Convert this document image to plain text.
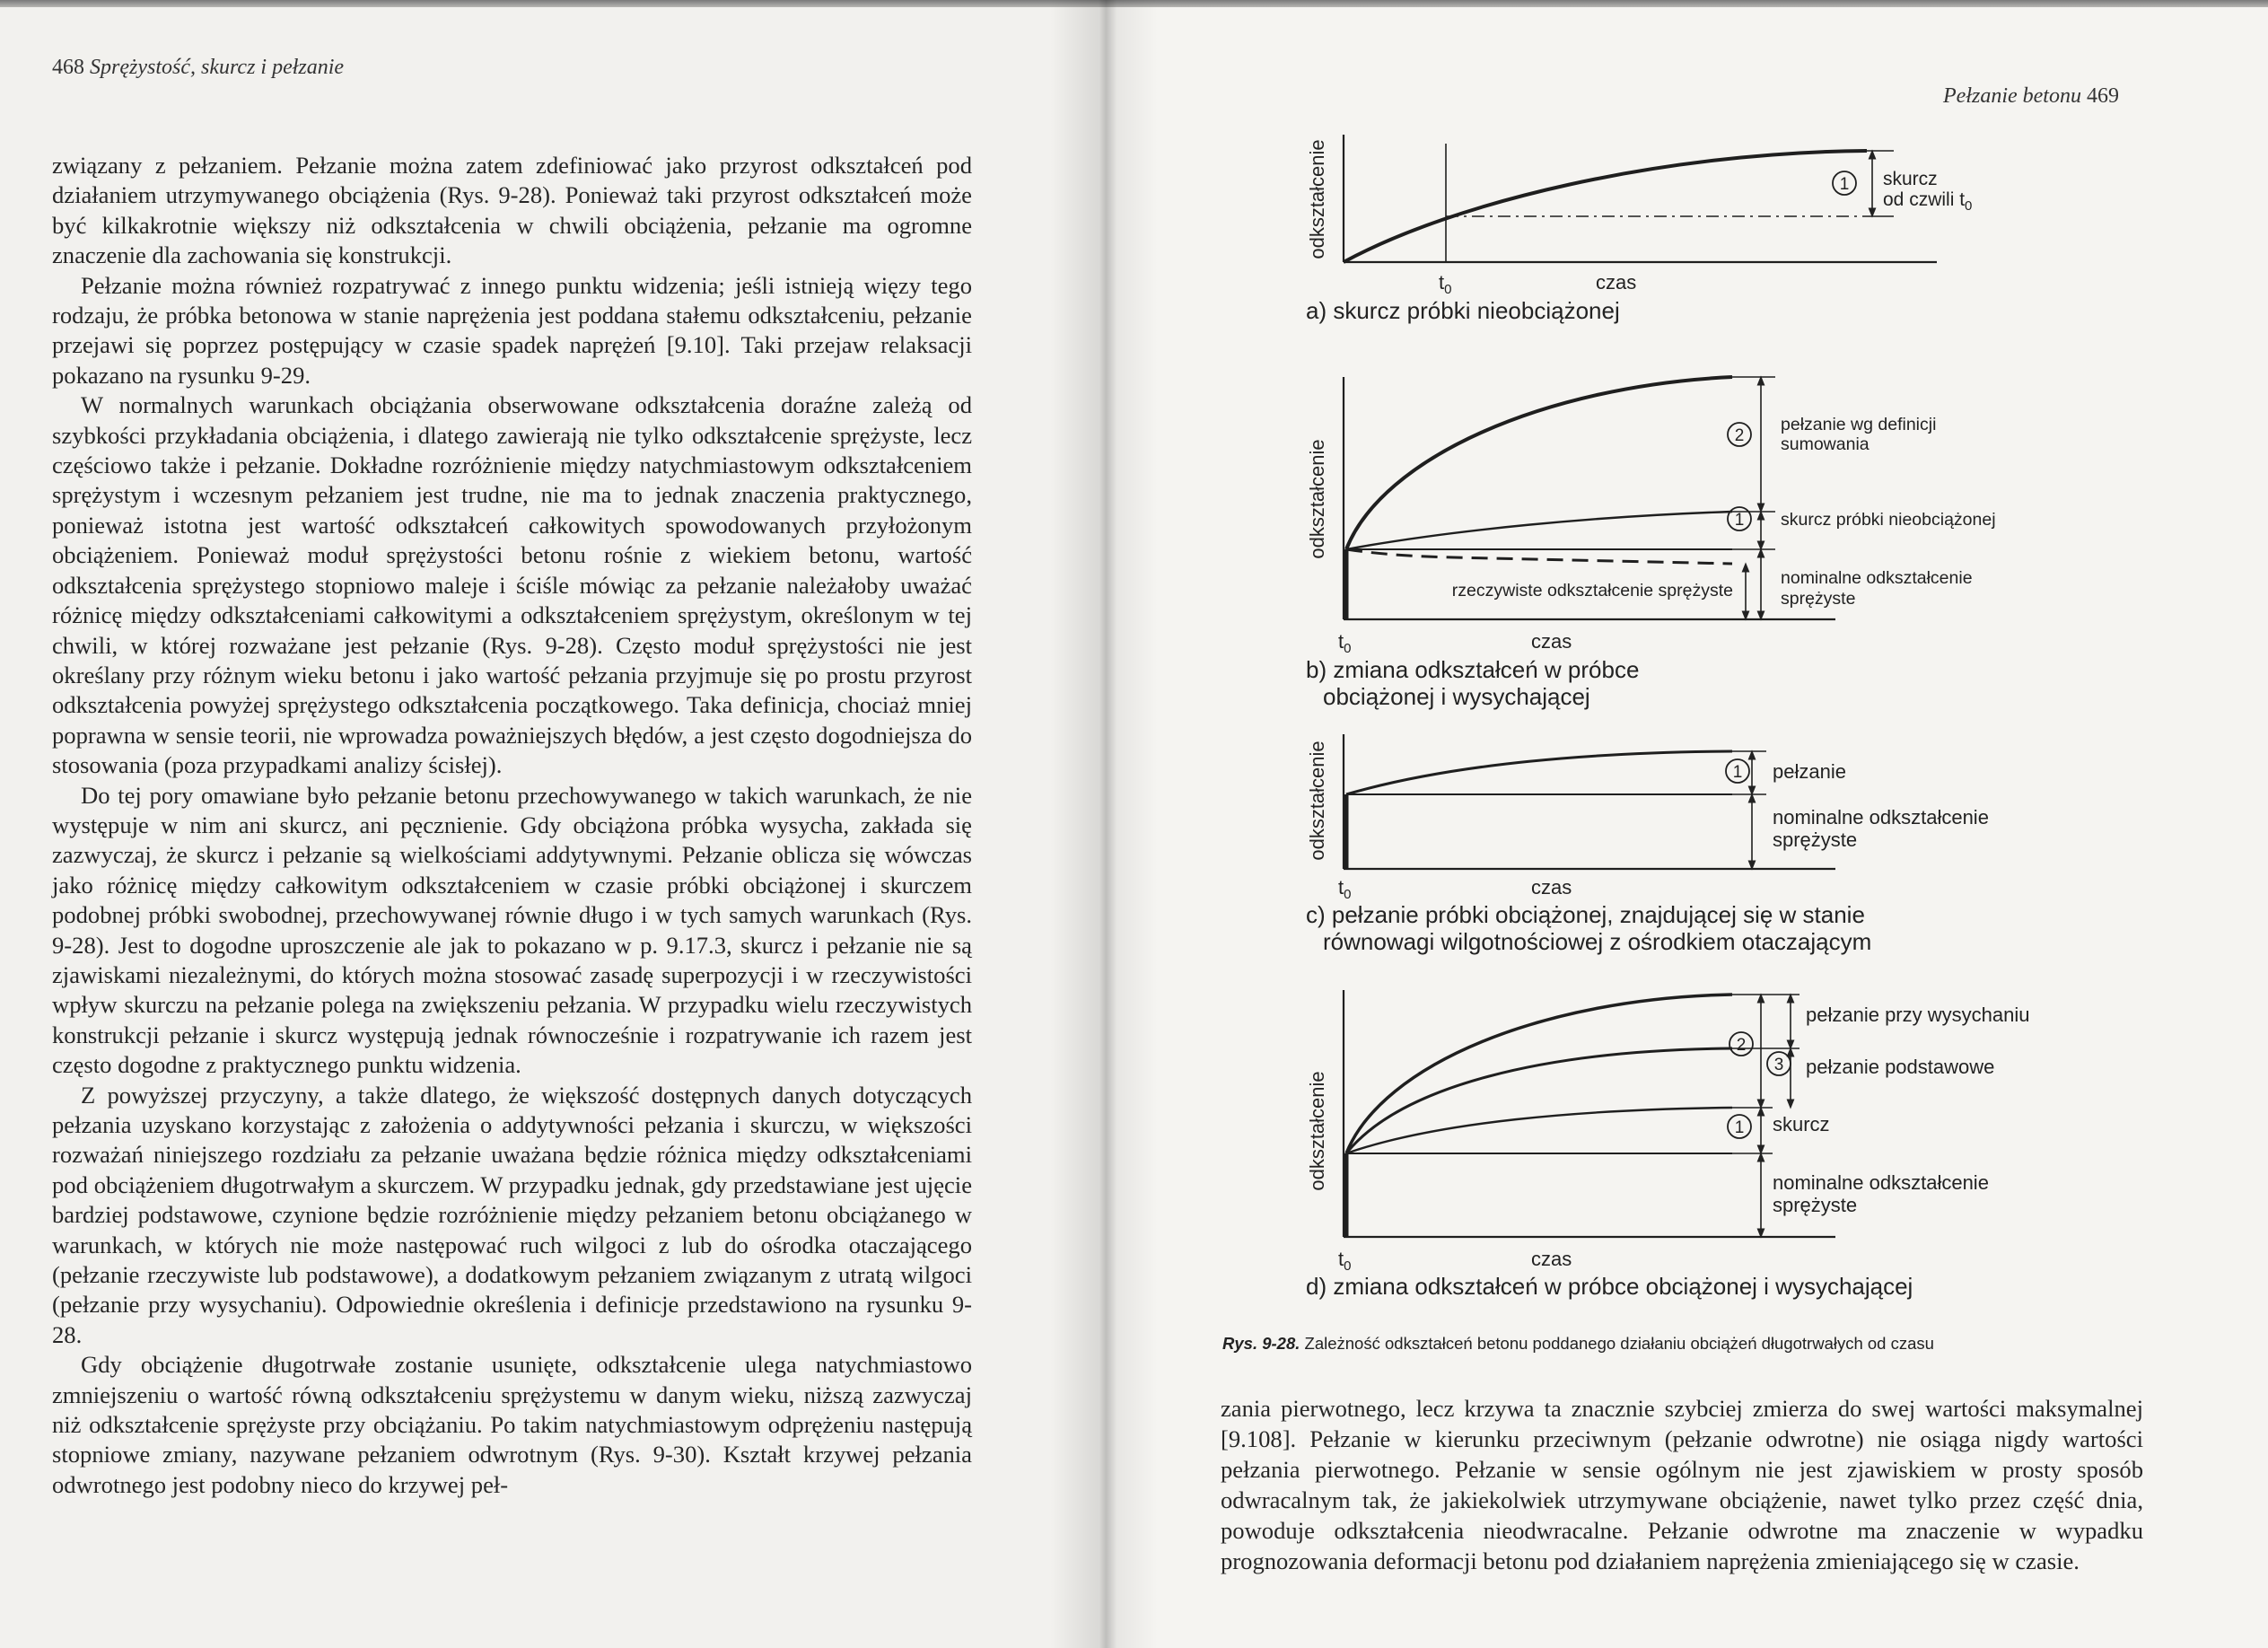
468 Sprężystość, skurcz i pełzanie

związany z pełzaniem. Pełzanie można zatem zdefiniować jako przyrost odkształceń pod działaniem utrzymywanego obciążenia (Rys. 9-28). Ponieważ taki przyrost odkształceń może być kilkakrotnie większy niż odkształcenia w chwili obciążenia, pełzanie ma ogromne znaczenie dla zachowania się konstrukcji.

Pełzanie można również rozpatrywać z innego punktu widzenia; jeśli istnieją więzy tego rodzaju, że próbka betonowa w stanie naprężenia jest poddana stałemu odkształceniu, pełzanie przejawi się poprzez postępujący w czasie spadek naprężeń [9.10]. Taki przejaw relaksacji pokazano na rysunku 9-29.

W normalnych warunkach obciążania obserwowane odkształcenia doraźne zależą od szybkości przykładania obciążenia, i dlatego zawierają nie tylko odkształcenie sprężyste, lecz częściowo także i pełzanie. Dokładne rozróżnienie między natychmiastowym odkształceniem sprężystym i wczesnym pełzaniem jest trudne, nie ma to jednak znaczenia praktycznego, ponieważ istotna jest wartość odkształceń całkowitych spowodowanych przyłożonym obciążeniem. Ponieważ moduł sprężystości betonu rośnie z wiekiem betonu, wartość odkształcenia sprężystego stopniowo maleje i ściśle mówiąc za pełzanie należałoby uważać różnicę między odkształceniami całkowitymi a odkształceniem sprężystym, określonym w tej chwili, w której rozważane jest pełzanie (Rys. 9-28). Często moduł sprężystości nie jest określany przy różnym wieku betonu i jako wartość pełzania przyjmuje się po prostu przyrost odkształcenia powyżej sprężystego odkształcenia początkowego. Taka definicja, chociaż mniej poprawna w sensie teorii, nie wprowadza poważniejszych błędów, a jest często dogodniejsza do stosowania (poza przypadkami analizy ścisłej).

Do tej pory omawiane było pełzanie betonu przechowywanego w takich warunkach, że nie występuje w nim ani skurcz, ani pęcznienie. Gdy obciążona próbka wysycha, zakłada się zazwyczaj, że skurcz i pełzanie są wielkościami addytywnymi. Pełzanie oblicza się wówczas jako różnicę między całkowitym odkształceniem w czasie próbki obciążonej i skurczem podobnej próbki swobodnej, przechowywanej równie długo i w tych samych warunkach (Rys. 9-28). Jest to dogodne uproszczenie ale jak to pokazano w p. 9.17.3, skurcz i pełzanie nie są zjawiskami niezależnymi, do których można stosować zasadę superpozycji i w rzeczywistości wpływ skurczu na pełzanie polega na zwiększeniu pełzania. W przypadku wielu rzeczywistych konstrukcji pełzanie i skurcz występują jednak równocześnie i rozpatrywanie ich razem jest często dogodne z praktycznego punktu widzenia.

Z powyższej przyczyny, a także dlatego, że większość dostępnych danych dotyczących pełzania uzyskano korzystając z założenia o addytywności pełzania i skurczu, w większości rozważań niniejszego rozdziału za pełzanie uważana będzie różnica między odkształceniami pod obciążeniem długotrwałym a skurczem. W przypadku jednak, gdy przedstawiane jest ujęcie bardziej podstawowe, czynione będzie rozróżnienie między pełzaniem betonu obciążanego w warunkach, w których nie może następować ruch wilgoci z lub do ośrodka otaczającego (pełzanie rzeczywiste lub podstawowe), a dodatkowym pełzaniem związanym z utratą wilgoci (pełzanie przy wysychaniu). Odpowiednie określenia i definicje przedstawiono na rysunku 9-28.

Gdy obciążenie długotrwałe zostanie usunięte, odkształcenie ulega natychmiastowo zmniejszeniu o wartość równą odkształceniu sprężystemu w danym wieku, niższą zazwyczaj niż odkształcenie sprężyste przy obciążaniu. Po takim natychmiastowym odprężeniu następują stopniowe zmiany, nazywane pełzaniem odwrotnym (Rys. 9-30). Kształt krzywej pełzania odwrotnego jest podobny nieco do krzywej peł-

Pełzanie betonu 469
odkształcenie
$t_0$	czas
a) skurcz próbki nieobciążonej
1 skurcz
od czwili $t_0$
odkształcenie
$t_0$	czas
b) zmiana odkształceń w próbce
obciążonej i wysychającej
2
1
pełzanie wg definicji
sumowania
skurcz próbki nieobciążonej
nominalne odkształcenie
sprężyste
rzeczywiste odkształcenie sprężyste
odkształcenie
$t_0$	czas
c) pełzanie próbki obciążonej, znajdującej się w stanie
równowagi wilgotnościowej z ośrodkiem otaczającym
1 pełzanie
nominalne odkształcenie
sprężyste
odkształcenie
$t_0$	czas
d) zmiana odkształceń w próbce obciążonej i wysychającej
2
3
1
pełzanie przy wysychaniu
pełzanie podstawowe
skurcz
nominalne odkształcenie
sprężyste
Rys. 9-28. Zależność odkształceń betonu poddanego działaniu obciążeń długotrwałych od czasu

zania pierwotnego, lecz krzywa ta znacznie szybciej zmierza do swej wartości maksymalnej [9.108]. Pełzanie w kierunku przeciwnym (pełzanie odwrotne) nie osiąga nigdy wartości pełzania pierwotnego. Pełzanie w sensie ogólnym nie jest zjawiskiem w prosty sposób odwracalnym tak, że jakiekolwiek utrzymywane obciążenie, nawet tylko przez część dnia, powoduje odkształcenia nieodwracalne. Pełzanie odwrotne ma znaczenie w wypadku prognozowania deformacji betonu pod działaniem naprężenia zmieniającego się w czasie.
